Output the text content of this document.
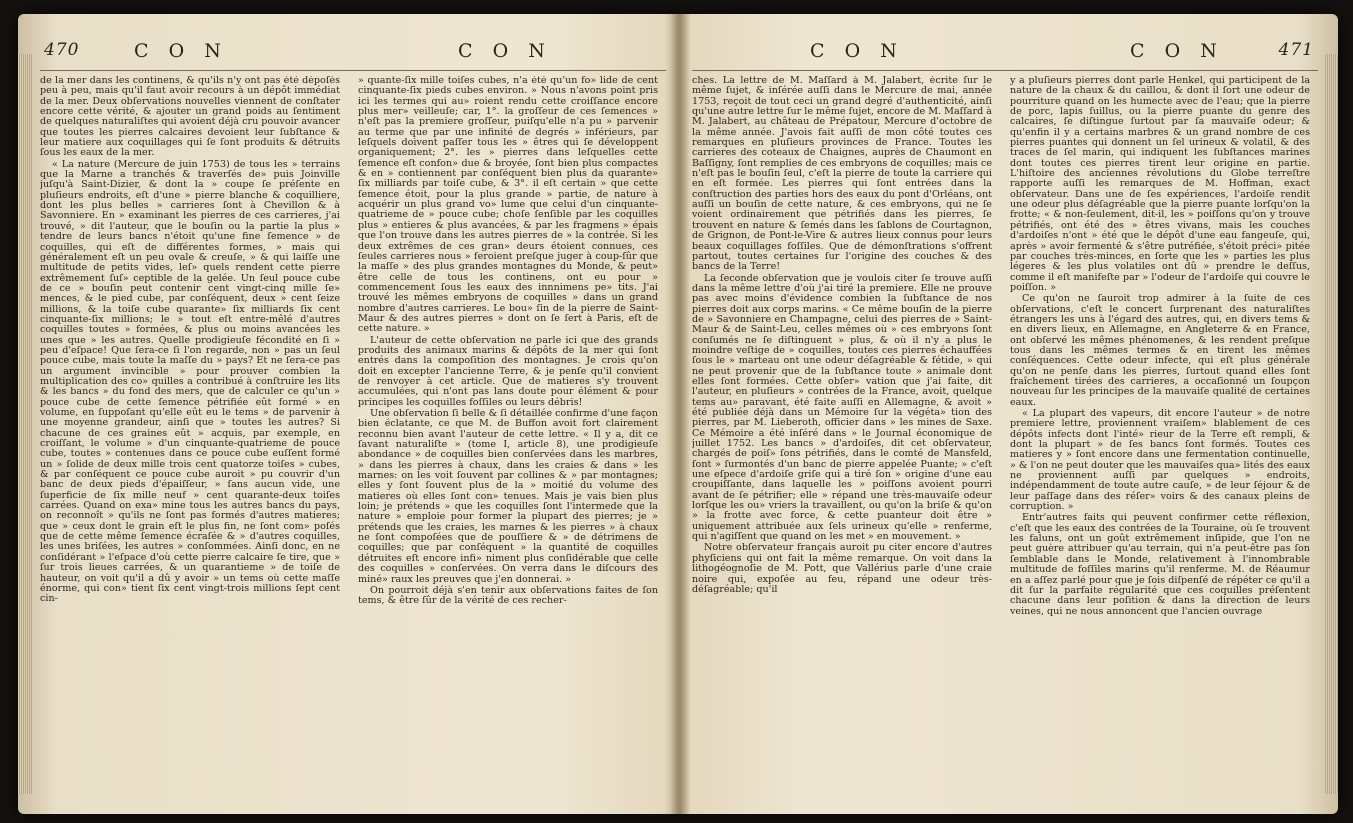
470	C O N	C O N

de la mer dans les continens, & qu'ils n'y ont pas été dépoſés peu à peu, mais qu'il faut avoir recours à un dépôt immédiat de la mer. Deux obſervations nouvelles viennent de conſtater encore cette vérité, & ajouter un grand poids au ſentiment de quelques naturaliſtes qui avoient déjà cru pouvoir avancer que toutes les pierres calcaires devoient leur ſubſtance & leur matiere aux coquillages qui ſe ſont produits & détruits ſous les eaux de la mer.

« La nature (Mercure de juin 1753) de tous les » terrains que la Marne a tranchés & traverſés de» puis Joinville juſqu'à Saint-Dizier, & dont la » coupe ſe préſente en pluſieurs endroits, eſt d'une » pierre blanche & coquilliere, dont les plus belles » carrieres ſont à Chevillon & à Savonniere. En » examinant les pierres de ces carrieres, j'ai trouvé, » dit l'auteur, que le bouſin ou la partie la plus » tendre de leurs bancs n'étoit qu'une fine ſemence » de coquilles, qui eſt de différentes formes, » mais qui généralement eſt un peu ovale & creuſe, » & qui laiſſe une multitude de petits vides, leſ» quels rendent cette pierre extrêmement ſuſ» ceptible de la gelée. Un ſeul pouce cube de ce » bouſin peut contenir cent vingt-cinq mille ſe» mences, & le pied cube, par conſéquent, deux » cent ſeize millions, & la toiſe cube quarante» ſix milliards ſix cent cinquante-ſix millions; le » tout eſt entre-mêlé d'autres coquilles toutes » formées, & plus ou moins avancées les unes que » les autres. Quelle prodigieuſe fécondité en ſi » peu d'eſpace! Que ſera-ce ſi l'on regarde, non » pas un ſeul pouce cube, mais toute la maſſe du » pays? Et ne ſera-ce pas un argument invincible » pour prouver combien la multiplication des co» quilles a contribué à conſtruire les lits & les bancs » du fond des mers, que de calculer ce qu'un » pouce cube de cette ſemence pétrifiée eût formé » en volume, en ſuppoſant qu'elle eût eu le tems » de parvenir à une moyenne grandeur, ainſi que » toutes les autres? Si chacune de ces graines eût » acquis, par exemple, en croiſſant, le volume » d'un cinquante-quatrieme de pouce cube, toutes » contenues dans ce pouce cube euſſent formé un » ſolide de deux mille trois cent quatorze toiſes » cubes, & par conſéquent ce pouce cube auroit » pu couvrir d'un banc de deux pieds d'épaiſſeur, » ſans aucun vide, une ſuperficie de ſix mille neuf » cent quarante-deux toiſes carrées. Quand on exa» mine tous les autres bancs du pays, on reconnoît » qu'ils ne ſont pas formés d'autres matieres; que » ceux dont le grain eſt le plus fin, ne ſont com» poſés que de cette même ſemence écraſée & » d'autres coquilles, les unes briſées, les autres » conſommées. Ainſi donc, en ne conſidérant » l'eſpace d'où cette pierre calcaire ſe tire, que » ſur trois lieues carrées, & un quarantieme » de toiſe de hauteur, on voit qu'il a dû y avoir » un tems où cette maſſe énorme, qui con» tient ſix cent vingt-trois millions ſept cent cin-

» quante-ſix mille toiſes cubes, n'a été qu'un fo» lide de cent cinquante-ſix pieds cubes environ. » Nous n'avons point pris ici les termes qui au» roient rendu cette croiſſance encore plus mer» veilleuſe; car, 1°. la groſſeur de ces ſemences » n'eſt pas la premiere groſſeur, puiſqu'elle n'a pu » parvenir au terme que par une infinité de degrés » inférieurs, par leſquels doivent paſſer tous les » êtres qui ſe développent organiquement; 2°. les » pierres dans leſquelles cette ſemence eſt confon» due & broyée, ſont bien plus compactes & en » contiennent par conſéquent bien plus da quarante» ſix milliards par toiſe cube, & 3°. il eſt certain » que cette ſemence étoit, pour la plus grande » partie, de nature à acquérir un plus grand vo» lume que celui d'un cinquante-quatrieme de » pouce cube; choſe ſenſible par les coquilles plus » entieres & plus avancées, & par les fragmens » épais que l'on trouve dans les autres pierres de » la contrée. Si les deux extrêmes de ces gran» deurs étoient connues, ces ſeules carrieres nous » feroient preſque juger à coup-ſûr que la maſſe » des plus grandes montagnes du Monde, & peut» être celle de tous les continens, ont eu pour » commencement ſous les eaux des innnimens pe» tits. J'ai trouvé les mêmes embryons de coquilles » dans un grand nombre d'autres carrieres. Le bou» ſin de la pierre de Saint-Maur & des autres pierres » dont on ſe ſert à Paris, eſt de cette nature. »

L'auteur de cette obſervation ne parle ici que des grands produits des animaux marins & dépôts de la mer qui ſont entrés dans la compoſition des montagnes. Je crois qu'on doit en excepter l'ancienne Terre, & je penſe qu'il convient de renvoyer à cet article. Que de matieres s'y trouvent accumulées, qui n'ont pas lans doute pour élément & pour principes les coquilles foſſiles ou leurs débris!

Une obſervation ſi belle & ſi détaillée confirme d'une façon bien éclatante, ce que M. de Buffon avoit fort clairement reconnu bien avant l'auteur de cette lettre. « Il y a, dit ce ſavant naturaliſte » (tome I, article 8), une prodigieuſe abondance » de coquilles bien conſervées dans les marbres, » dans les pierres à chaux, dans les craies & dans » les marnes: on les voit ſouvent par collines & » par montagnes; elles y ſont ſouvent plus de la » moitié du volume des matieres où elles ſont con» tenues. Mais je vais bien plus loin; je prétends » que les coquilles ſont l'intermede que la nature » emploie pour former la plupart des pierres; je » prétends que les craies, les marnes & les pierres » à chaux ne ſont compoſées que de pouſſiere & » de détrimens de coquilles; que par conſéquent » la quantité de coquilles détruites eſt encore infi» niment plus conſidérable que celle des coquilles » conſervées. On verra dans le diſcours des miné» raux les preuves que j'en donnerai. »

On pourroit déjà s'en tenir aux obſervations faites de ſon tems, & être ſûr de la vérité de ces recher-

C O N	C O N	471

ches. La lettre de M. Maſſard à M. Jalabert, écrite ſur le même ſujet, & inſérée auſſi dans le Mercure de mai, année 1753, reçoit de tout ceci un grand degré d'authenticité, ainſi qu'une autre lettre ſur le même ſujet, encore de M. Maſſard à M. Jalabert, au château de Prépatour, Mercure d'octobre de la même année. J'avois fait auſſi de mon côté toutes ces remarques en pluſieurs provinces de France. Toutes les carrieres des coteaux de Chaignes, auprès de Chaumont en Baſſigny, ſont remplies de ces embryons de coquilles; mais ce n'eſt pas le bouſin ſeul, c'eſt la pierre de toute la carriere qui en eſt formée. Les pierres qui ſont entrées dans la conſtruction des parties hors des eaux du pont d'Orléans, ont auſſi un bouſin de cette nature, & ces embryons, qui ne ſe voient ordinairement que pétrifiés dans les pierres, ſe trouvent en nature & ſemés dans les ſablons de Courtagnon, de Grignon, de Pont-le-Vire & autres lieux connus pour leurs beaux coquillages foſſiles. Que de démonſtrations s'offrent partout, toutes certaines ſur l'origine des couches & des bancs de la Terre!

La ſeconde obſervation que je voulois citer ſe trouve auſſi dans la même lettre d'où j'ai tiré la premiere. Elle ne prouve pas avec moins d'évidence combien la ſubſtance de nos pierres doit aux corps marins. « Ce même bouſin de la pierre de » Savonniere en Champagne, celui des pierres de » Saint-Maur & de Saint-Leu, celles mêmes où » ces embryons ſont conſumés ne ſe diſtinguent » plus, & où il n'y a plus le moindre veſtige de » coquilles, toutes ces pierres échauffées ſous le » marteau ont une odeur déſagréable & fétide, » qui ne peut provenir que de la ſubſtance toute » animale dont elles ſont formées. Cette obſer» vation que j'ai faite, dit l'auteur, en pluſieurs » contrées de la France, avoit, quelque tems au» paravant, été faite auſſi en Allemagne, & avoit » été publiée déjà dans un Mémoire ſur la végéta» tion des pierres, par M. Lieberoth, officier dans » les mines de Saxe. Ce Mémoire a été inſéré dans » le Journal économique de juillet 1752. Les bancs » d'ardoiſes, dit cet obſervateur, chargés de poiſ» ſons pétrifiés, dans le comté de Mansfeld, ſont » ſurmontés d'un banc de pierre appelée Puante; » c'eſt une eſpece d'ardoiſe griſe qui a tiré ſon » origine d'une eau croupiſſante, dans laquelle les » poiſſons avoient pourri avant de ſe pétrifier; elle » répand une très-mauvaiſe odeur lorſque les ou» vriers la travaillent, ou qu'on la briſe & qu'on » la frotte avec force, & cette puanteur doit être » uniquement attribuée aux ſels urineux qu'elle » renferme, qui n'agiſſent que quand on les met » en mouvement. »

Notre obſervateur français auroit pu citer encore d'autres phyſiciens qui ont fait la même remarque. On voit dans la lithogéognoſie de M. Pott, que Vallérius parle d'une craie noire qui, expoſée au feu, répand une odeur très-déſagréable; qu'il

y a pluſieurs pierres dont parle Henkel, qui participent de la nature de la chaux & du caillou, & dont il ſort une odeur de pourriture quand on les humecte avec de l'eau; que la pierre de porc, lapis ſuillus, ou la pierre puante du genre des calcaires, ſe diſtingue ſurtout par ſa mauvaiſe odeur; & qu'enfin il y a certains marbres & un grand nombre de ces pierres puantes qui donnent un ſel urineux & volatil, & des traces de ſel marin, qui indiquent les ſubſtances marines dont toutes ces pierres tirent leur origine en partie. L'hiſtoire des anciennes révolutions du Globe terreſtre rapporte auſſi les remarques de M. Hoffman, exact obſervateur. Dans une de ſes expériences, l'ardoiſe rendit une odeur plus déſagréable que la pierre puante lorſqu'on la frotte; « & non-ſeulement, dit-il, les » poiſſons qu'on y trouve pétrifiés, ont été des » êtres vivans, mais les couches d'ardoiſes n'ont » été que le dépôt d'une eau fangeuſe, qui, après » avoir fermenté & s'être putréfiée, s'étoit préci» pitée par couches très-minces, en ſorte que les » parties les plus légeres & les plus volatiles ont dû » prendre le deſſus, comme il eſt manifeſte par » l'odeur de l'ardoiſe qui couvre le poiſſon. »

Ce qu'on ne ſauroit trop admirer à la ſuite de ces obſervations, c'eſt le concert ſurprenant des naturaliſtes étrangers les uns à l'égard des autres, qui, en divers tems & en divers lieux, en Allemagne, en Angleterre & en France, ont obſervé les mêmes phénomenes, & les rendent preſque tous dans les mêmes termes & en tirent les mêmes conſéquences. Cette odeur infecte, qui eſt plus générale qu'on ne penſe dans les pierres, ſurtout quand elles ſont fraîchement tirées des carrieres, a occaſionné un ſoupçon nouveau ſur les principes de la mauvaiſe qualité de certaines eaux.

« La plupart des vapeurs, dit encore l'auteur » de notre premiere lettre, proviennent vraiſem» blablement de ces dépôts infects dont l'inté» rieur de la Terre eſt rempli, & dont la plupart » de ſes bancs ſont formés. Toutes ces matieres y » ſont encore dans une fermentation continuelle, » & l'on ne peut douter que les mauvaiſes qua» lités des eaux ne proviennent auſſi par quelques » endroits, indépendamment de toute autre cauſe, » de leur ſéjour & de leur paſſage dans des réſer» voirs & des canaux pleins de corruption. »

Entr'autres faits qui peuvent confirmer cette réflexion, c'eſt que les eaux des contrées de la Touraine, où ſe trouvent les faluns, ont un goût extrêmement inſipide, que l'on ne peut guère attribuer qu'au terrain, qui n'a peut-être pas ſon ſemblable dans le Monde, relativement à l'innombrable multitude de foſſiles marins qu'il renferme. M. de Réaumur en a aſſez parlé pour que je ſois diſpenſé de répéter ce qu'il a dit ſur la parfaite régularité que ces coquilles préſentent chacune dans leur poſition & dans la direction de leurs veines, qui ne nous annoncent que l'ancien ouvrage
